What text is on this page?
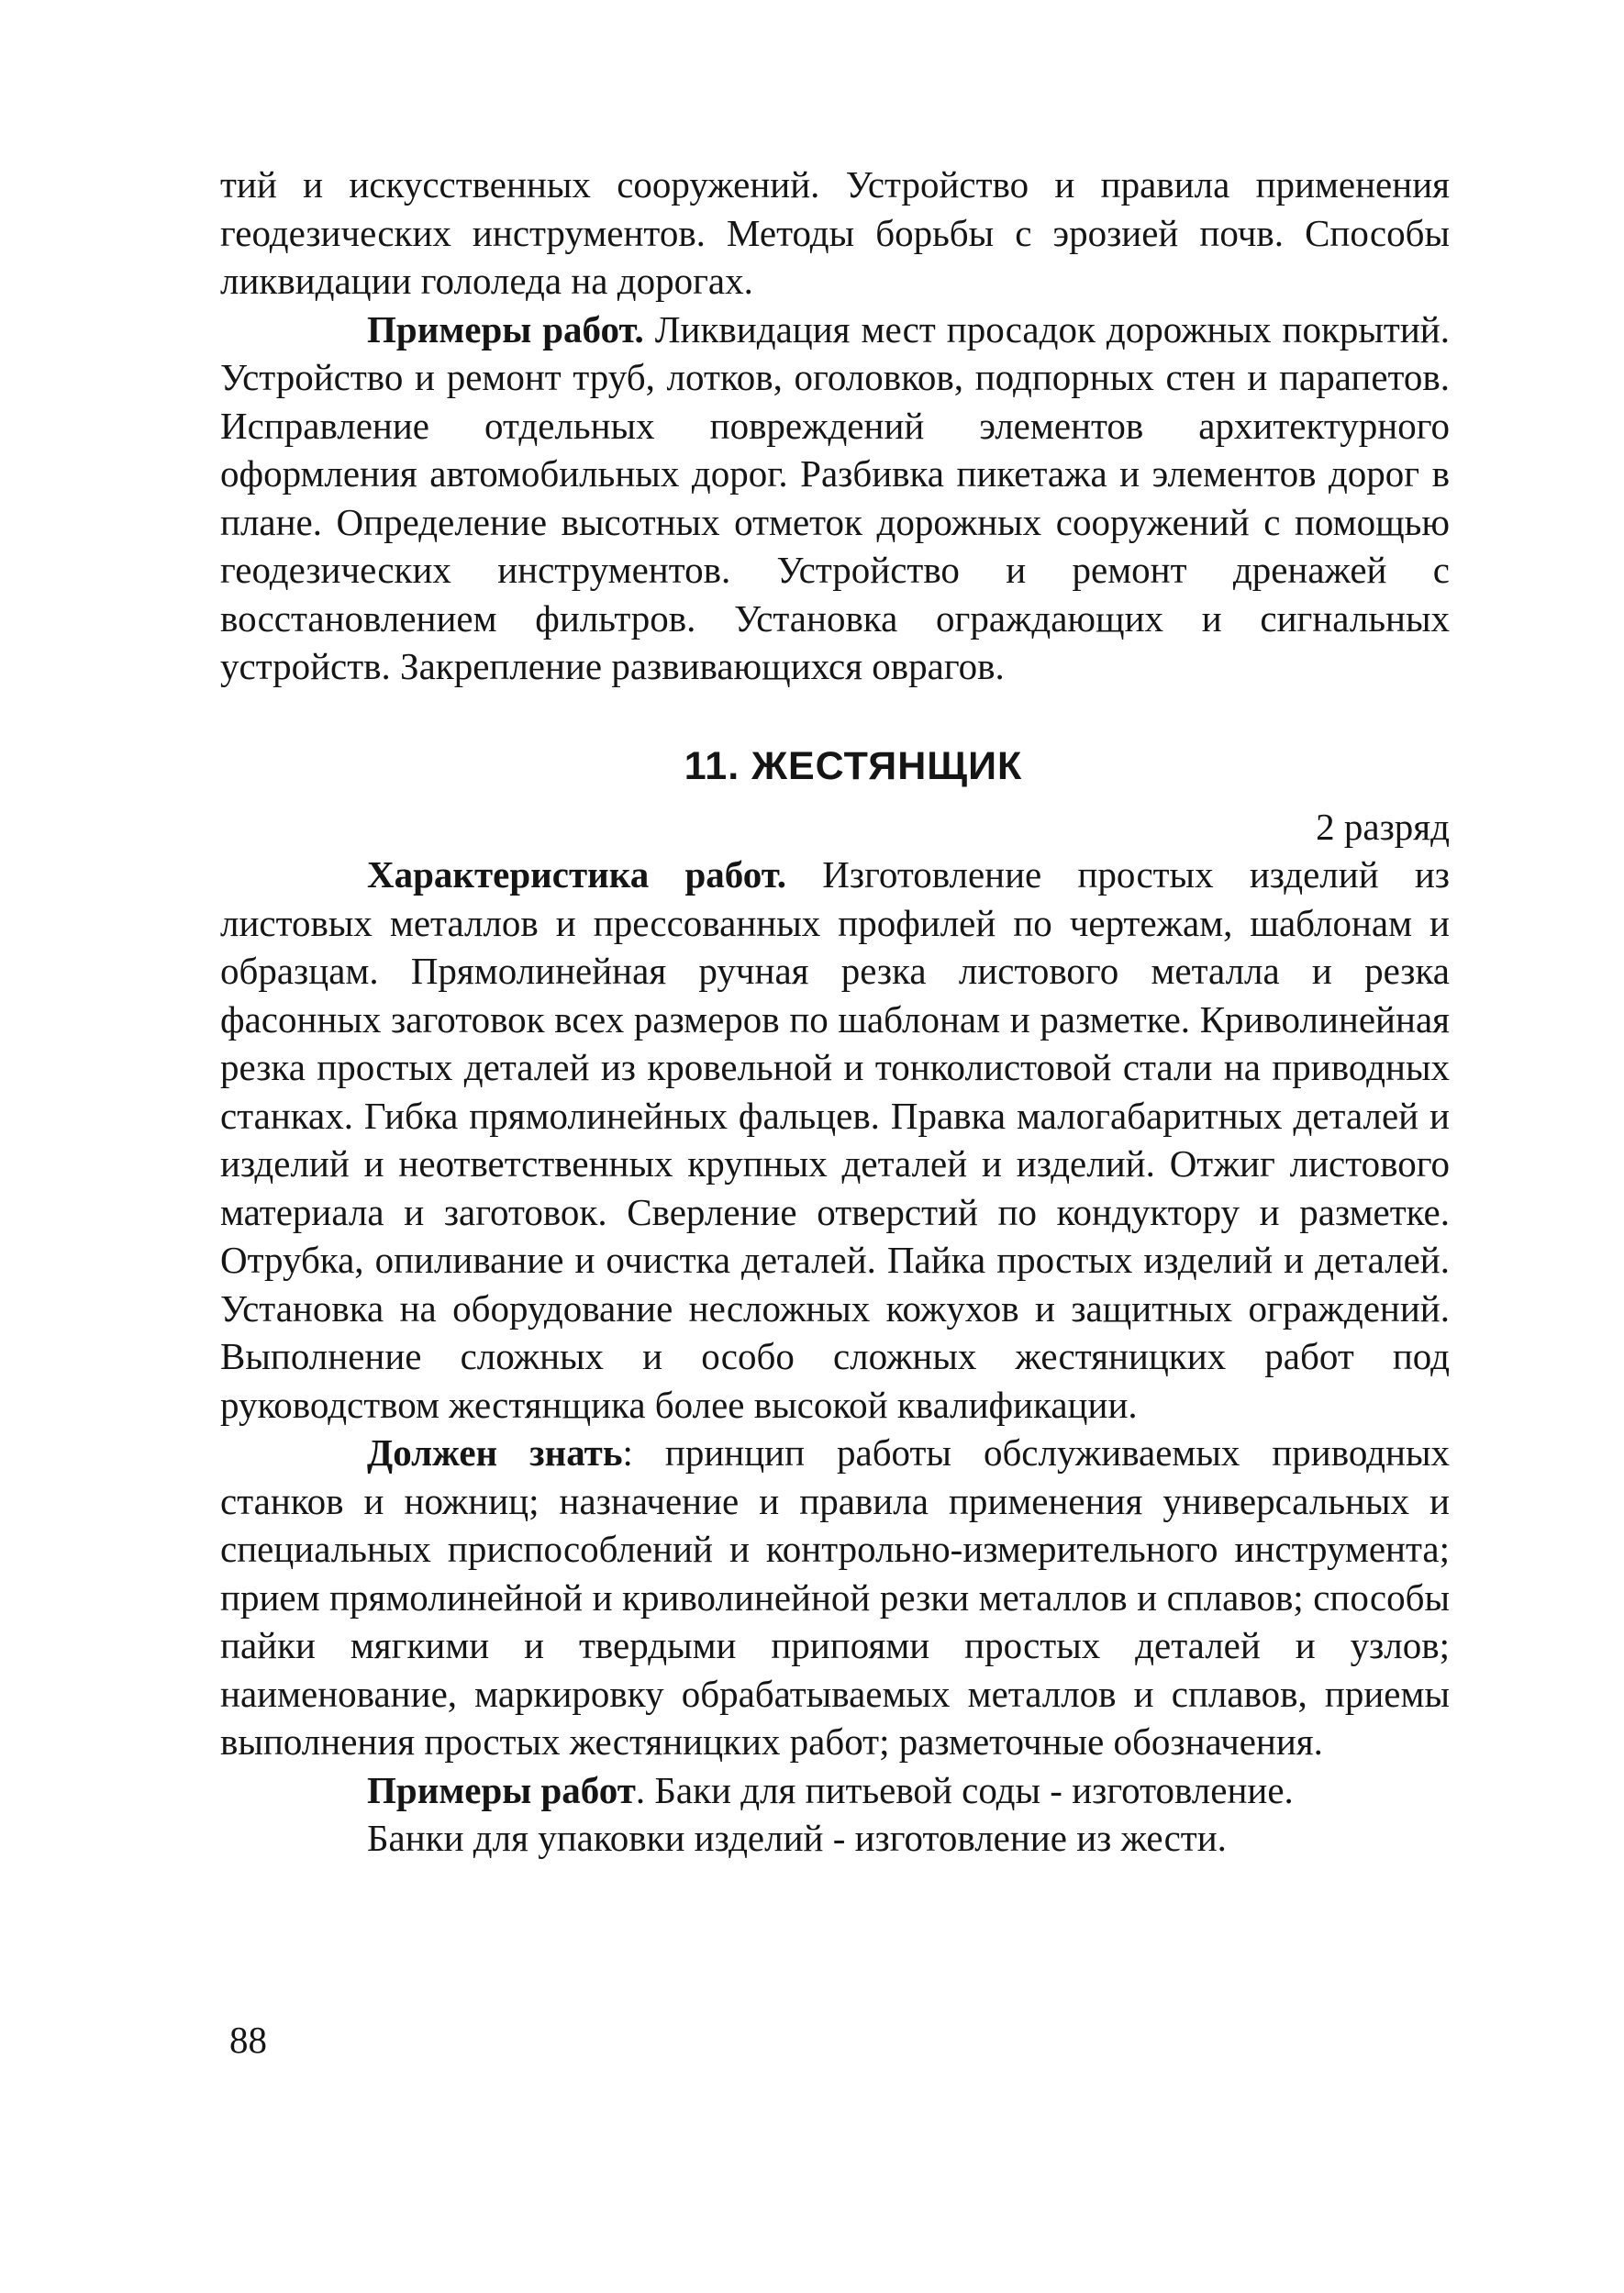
тий и искусственных сооружений. Устройство и правила применения геодезических инструментов. Методы борьбы с эрозией почв. Способы ликвидации гололеда на дорогах.

Примеры работ. Ликвидация мест просадок дорожных покрытий. Устройство и ремонт труб, лотков, оголовков, подпорных стен и парапетов. Исправление отдельных повреждений элементов архитектурного оформления автомобильных дорог. Разбивка пикетажа и элементов дорог в плане. Определение высотных отметок дорожных сооружений с помощью геодезических инструментов. Устройство и ремонт дренажей с восстановлением фильтров. Установка ограждающих и сигнальных устройств. Закрепление развивающихся оврагов.

11. ЖЕСТЯНЩИК

2 разряд

Характеристика работ. Изготовление простых изделий из листовых металлов и прессованных профилей по чертежам, шаблонам и образцам. Прямолинейная ручная резка листового металла и резка фасонных заготовок всех размеров по шаблонам и разметке. Криволинейная резка простых деталей из кровельной и тонколистовой стали на приводных станках. Гибка прямолинейных фальцев. Правка малогабаритных деталей и изделий и неответственных крупных деталей и изделий. Отжиг листового материала и заготовок. Сверление отверстий по кондуктору и разметке. Отрубка, опиливание и очистка деталей. Пайка простых изделий и деталей. Установка на оборудование несложных кожухов и защитных ограждений. Выполнение сложных и особо сложных жестяницких работ под руководством жестянщика более высокой квалификации.

Должен знать: принцип работы обслуживаемых приводных станков и ножниц; назначение и правила применения универсальных и специальных приспособлений и контрольно-измерительного инструмента; прием прямолинейной и криволинейной резки металлов и сплавов; способы пайки мягкими и твердыми припоями простых деталей и узлов; наименование, маркировку обрабатываемых металлов и сплавов, приемы выполнения простых жестяницких работ; разметочные обозначения.

Примеры работ. Баки для питьевой соды - изготовление.

Банки для упаковки изделий - изготовление из жести.

88
